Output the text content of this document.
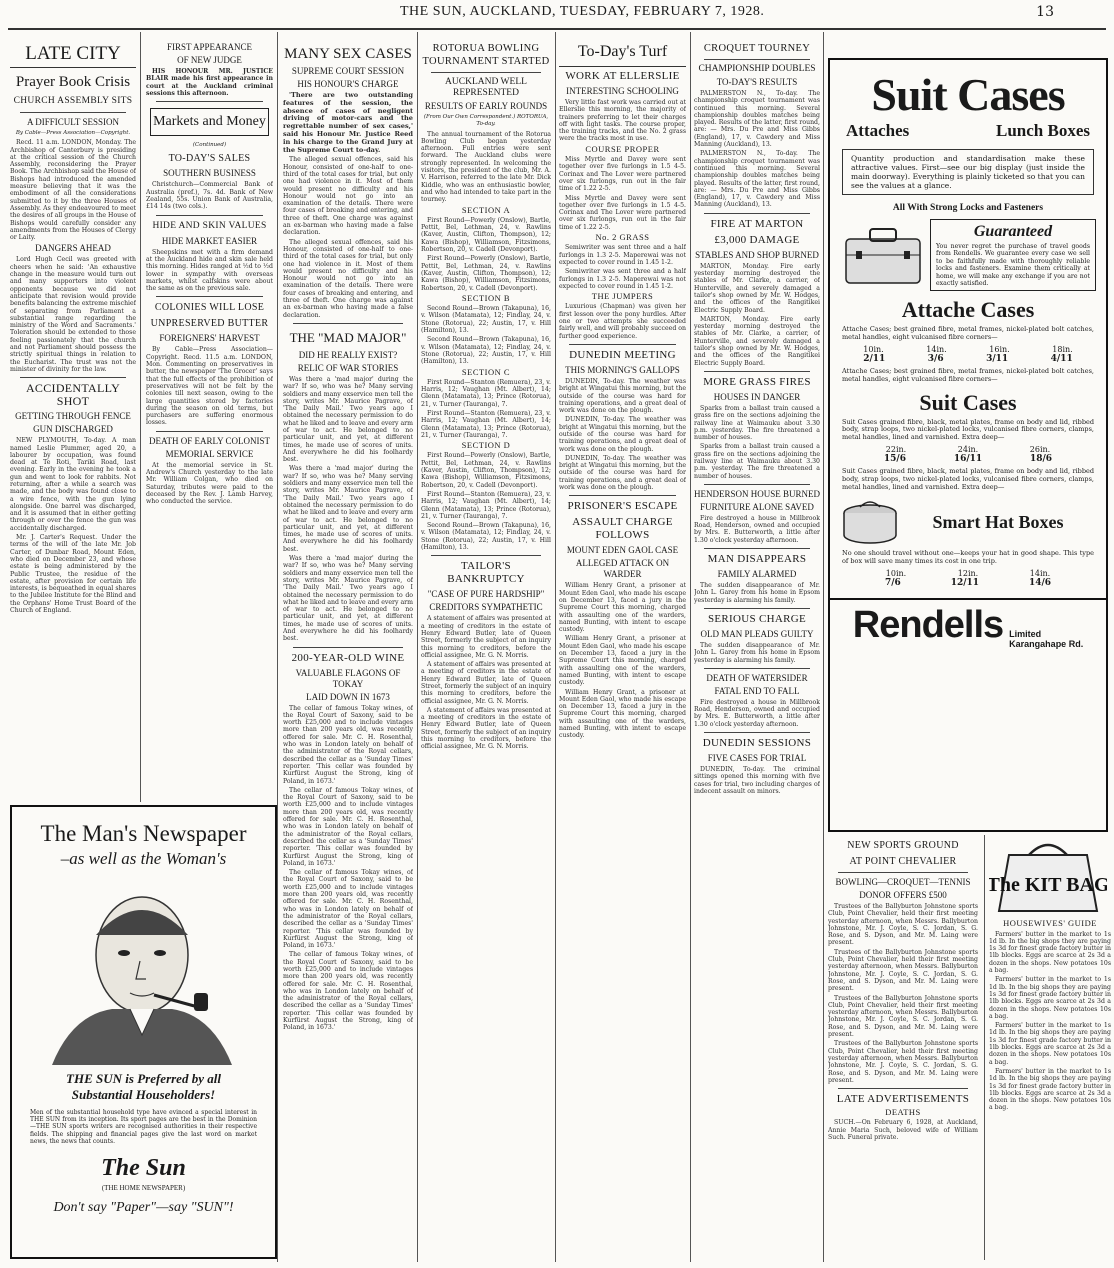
THE SUN, AUCKLAND, TUESDAY, FEBRUARY 7, 1928.	13
LATE CITY
Prayer Book Crisis
CHURCH ASSEMBLY SITS
A DIFFICULT SESSION
By Cable—Press Association—Copyright.

Recd. 11 a.m. LONDON, Monday. The Archbishop of Canterbury is presiding at the critical session of the Church Assembly, reconsidering the Prayer Book. The Archbishop said the House of Bishops had introduced the amended measure believing that it was the embodiment of all the considerations submitted to it by the three Houses of Assembly. As they endeavoured to meet the desires of all groups in the House of Bishops would carefully consider any amendments from the Houses of Clergy or Laity.

DANGERS AHEAD

Lord Hugh Cecil was greeted with cheers when he said: 'An exhaustive change in the measure would turn out and many supporters into violent opponents because we did not anticipate that revision would provide benefits balancing the extreme mischief of separating from Parliament a substantial range regarding the ministry of the Word and Sacraments.' Toleration should be extended to those feeling passionately that the church and not Parliament should possess the strictly spiritual things in relation to the Eucharist. The trust was not the minister of divinity for the law.

ACCIDENTALLY SHOT
GETTING THROUGH FENCE
GUN DISCHARGED

NEW PLYMOUTH, To-day. A man named Leslie Plummer, aged 20, a labourer by occupation, was found dead at Te Roti, Tariki Road, last evening. Early in the evening he took a gun and went to look for rabbits. Not returning, after a while a search was made, and the body was found close to a wire fence, with the gun lying alongside. One barrel was discharged, and it is assumed that in either getting through or over the fence the gun was accidentally discharged.

Mr. J. Carter's Request. Under the terms of the will of the late Mr. Job Carter, of Dunbar Road, Mount Eden, who died on December 23, and whose estate is being administered by the Public Trustee, the residue of the estate, after provision for certain life interests, is bequeathed in equal shares to the Jubilee Institute for the Blind and the Orphans' Home Trust Board of the Church of England.

FIRST APPEARANCE
OF NEW JUDGE

HIS HONOUR MR. JUSTICE BLAIR made his first appearance in court at the Auckland criminal sessions this afternoon.

Markets and Money
(Continued)
TO-DAY'S SALES
SOUTHERN BUSINESS

Christchurch—Commercial Bank of Australia (pref.), 7s. 4d. Bank of New Zealand, 55s. Union Bank of Australia, £14 14s (two cols.).

HIDE AND SKIN VALUES
HIDE MARKET EASIER

Sheepskins met with a firm demand at the Auckland hide and skin sale held this morning. Hides ranged at ½d to ½d lower in sympathy with overseas markets, whilst calfskins were about the same as on the previous sale.

COLONIES WILL LOSE
UNPRESERVED BUTTER
FOREIGNERS' HARVEST

By Cable—Press Association—Copyright. Recd. 11.5 a.m. LONDON, Mon. Commenting on preservatives in butter, the newspaper 'The Grocer' says that the full effects of the prohibition of preservatives will not be felt by the colonies till next season, owing to the large quantities stored by factories during the season on old terms, but purchasers are suffering enormous losses.

DEATH OF EARLY COLONIST
MEMORIAL SERVICE

At the memorial service in St. Andrew's Church yesterday to the late Mr. William Colgan, who died on Saturday, tributes were paid to the deceased by the Rev. J. Lamb Harvey, who conducted the service.

The Man's Newspaper
–as well as the Woman's
THE SUN is Preferred by all
Substantial Householders!

Men of the substantial household type have evinced a special interest in THE SUN from its inception. Its sport pages are the best in the Dominion—THE SUN sports writers are recognised authorities in their respective fields. The shipping and financial pages give the last word on market news, the news that counts.

The Sun
(THE HOME NEWSPAPER)
Don't say "Paper"—say "SUN"!
MANY SEX CASES
SUPREME COURT SESSION
HIS HONOUR'S CHARGE

'There are two outstanding features of the session, the absence of cases of negligent driving of motor-cars and the regrettable number of sex cases,' said his Honour Mr. Justice Reed in his charge to the Grand Jury at the Supreme Court to-day.

The alleged sexual offences, said his Honour, consisted of one-half to one-third of the total cases for trial, but only one had violence in it. Most of them would present no difficulty and his Honour would not go into an examination of the details. There were four cases of breaking and entering, and three of theft. One charge was against an ex-barman who having made a false declaration.

The alleged sexual offences, said his Honour, consisted of one-half to one-third of the total cases for trial, but only one had violence in it. Most of them would present no difficulty and his Honour would not go into an examination of the details. There were four cases of breaking and entering, and three of theft. One charge was against an ex-barman who having made a false declaration.

THE "MAD MAJOR"
DID HE REALLY EXIST?
RELIC OF WAR STORIES

Was there a 'mad major' during the war? If so, who was he? Many serving soldiers and many exservice men tell the story, writes Mr. Maurice Pagrave, of 'The Daily Mail.' Two years ago I obtained the necessary permission to do what he liked and to leave and every arm of war to act. He belonged to no particular unit, and yet, at different times, he made use of scores of units. And everywhere he did his foolhardy best.

Was there a 'mad major' during the war? If so, who was he? Many serving soldiers and many exservice men tell the story, writes Mr. Maurice Pagrave, of 'The Daily Mail.' Two years ago I obtained the necessary permission to do what he liked and to leave and every arm of war to act. He belonged to no particular unit, and yet, at different times, he made use of scores of units. And everywhere he did his foolhardy best.

Was there a 'mad major' during the war? If so, who was he? Many serving soldiers and many exservice men tell the story, writes Mr. Maurice Pagrave, of 'The Daily Mail.' Two years ago I obtained the necessary permission to do what he liked and to leave and every arm of war to act. He belonged to no particular unit, and yet, at different times, he made use of scores of units. And everywhere he did his foolhardy best.

200-YEAR-OLD WINE
VALUABLE FLAGONS OF TOKAY
LAID DOWN IN 1673

The cellar of famous Tokay wines, of the Royal Court of Saxony, said to be worth £25,000 and to include vintages more than 200 years old, was recently offered for sale. Mr. C. H. Rosenthal, who was in London lately on behalf of the administrator of the Royal cellars, described the cellar as a 'Sunday Times' reporter. 'This cellar was founded by Kurfürst August the Strong, king of Poland, in 1673.'

The cellar of famous Tokay wines, of the Royal Court of Saxony, said to be worth £25,000 and to include vintages more than 200 years old, was recently offered for sale. Mr. C. H. Rosenthal, who was in London lately on behalf of the administrator of the Royal cellars, described the cellar as a 'Sunday Times' reporter. 'This cellar was founded by Kurfürst August the Strong, king of Poland, in 1673.'

The cellar of famous Tokay wines, of the Royal Court of Saxony, said to be worth £25,000 and to include vintages more than 200 years old, was recently offered for sale. Mr. C. H. Rosenthal, who was in London lately on behalf of the administrator of the Royal cellars, described the cellar as a 'Sunday Times' reporter. 'This cellar was founded by Kurfürst August the Strong, king of Poland, in 1673.'

The cellar of famous Tokay wines, of the Royal Court of Saxony, said to be worth £25,000 and to include vintages more than 200 years old, was recently offered for sale. Mr. C. H. Rosenthal, who was in London lately on behalf of the administrator of the Royal cellars, described the cellar as a 'Sunday Times' reporter. 'This cellar was founded by Kurfürst August the Strong, king of Poland, in 1673.'

ROTORUA BOWLING TOURNAMENT STARTED
AUCKLAND WELL REPRESENTED
RESULTS OF EARLY ROUNDS
(From Our Own Correspondent.) ROTORUA, To-day.

The annual tournament of the Rotorua Bowling Club began yesterday afternoon. Full entries were sent forward. The Auckland clubs were strongly represented. In welcoming the visitors, the president of the club, Mr. A. V. Harrison, referred to the late Mr. Dick Kiddle, who was an enthusiastic bowler, and who had intended to take part in the tourney.

SECTION A

First Round—Powerly (Onslow), Bartle, Pettit, Bel, Lethman, 24, v. Rawlins (Kaver, Austin, Clifton, Thompson), 12; Kawa (Bishop), Williamson, Fitzsimons, Robertson, 20, v. Cadell (Devonport).

First Round—Powerly (Onslow), Bartle, Pettit, Bel, Lethman, 24, v. Rawlins (Kaver, Austin, Clifton, Thompson), 12; Kawa (Bishop), Williamson, Fitzsimons, Robertson, 20, v. Cadell (Devonport).

SECTION B

Second Round—Brown (Takapuna), 16, v. Wilson (Matamata), 12; Findlay, 24, v. Stone (Rotorua), 22; Austin, 17, v. Hill (Hamilton), 13.

Second Round—Brown (Takapuna), 16, v. Wilson (Matamata), 12; Findlay, 24, v. Stone (Rotorua), 22; Austin, 17, v. Hill (Hamilton), 13.

SECTION C

First Round—Stanton (Remuera), 23, v. Harris, 12; Vaughan (Mt. Albert), 14; Glenn (Matamata), 13; Prince (Rotorua), 21, v. Turner (Tauranga), 7.

First Round—Stanton (Remuera), 23, v. Harris, 12; Vaughan (Mt. Albert), 14; Glenn (Matamata), 13; Prince (Rotorua), 21, v. Turner (Tauranga), 7.

SECTION D

First Round—Powerly (Onslow), Bartle, Pettit, Bel, Lethman, 24, v. Rawlins (Kaver, Austin, Clifton, Thompson), 12; Kawa (Bishop), Williamson, Fitzsimons, Robertson, 20, v. Cadell (Devonport).

First Round—Stanton (Remuera), 23, v. Harris, 12; Vaughan (Mt. Albert), 14; Glenn (Matamata), 13; Prince (Rotorua), 21, v. Turner (Tauranga), 7.

Second Round—Brown (Takapuna), 16, v. Wilson (Matamata), 12; Findlay, 24, v. Stone (Rotorua), 22; Austin, 17, v. Hill (Hamilton), 13.

TAILOR'S BANKRUPTCY
"CASE OF PURE HARDSHIP"
CREDITORS SYMPATHETIC

A statement of affairs was presented at a meeting of creditors in the estate of Henry Edward Butler, late of Queen Street, formerly the subject of an inquiry this morning to creditors, before the official assignee, Mr. G. N. Morris.

A statement of affairs was presented at a meeting of creditors in the estate of Henry Edward Butler, late of Queen Street, formerly the subject of an inquiry this morning to creditors, before the official assignee, Mr. G. N. Morris.

A statement of affairs was presented at a meeting of creditors in the estate of Henry Edward Butler, late of Queen Street, formerly the subject of an inquiry this morning to creditors, before the official assignee, Mr. G. N. Morris.

To-Day's Turf
WORK AT ELLERSLIE
INTERESTING SCHOOLING

Very little fast work was carried out at Ellerslie this morning, the majority of trainers preferring to let their charges off with light tasks. The course proper, the training tracks, and the No. 2 grass were the tracks most in use.

COURSE PROPER

Miss Myrtle and Davey were sent together over five furlongs in 1.5 4-5. Corinax and The Lover were partnered over six furlongs, run out in the fair time of 1.22 2-5.

Miss Myrtle and Davey were sent together over five furlongs in 1.5 4-5. Corinax and The Lover were partnered over six furlongs, run out in the fair time of 1.22 2-5.

No. 2 GRASS

Semiwriter was sent three and a half furlongs in 1.3 2-5. Maperewai was not expected to cover round in 1.45 1-2.

Semiwriter was sent three and a half furlongs in 1.3 2-5. Maperewai was not expected to cover round in 1.45 1-2.

THE JUMPERS

Luxurious (Chapman) was given her first lesson over the pony hurdles. After one or two attempts she succeeded fairly well, and will probably succeed on further good experience.

DUNEDIN MEETING
THIS MORNING'S GALLOPS

DUNEDIN, To-day. The weather was bright at Wingatui this morning, but the outside of the course was hard for training operations, and a great deal of work was done on the plough.

DUNEDIN, To-day. The weather was bright at Wingatui this morning, but the outside of the course was hard for training operations, and a great deal of work was done on the plough.

DUNEDIN, To-day. The weather was bright at Wingatui this morning, but the outside of the course was hard for training operations, and a great deal of work was done on the plough.

PRISONER'S ESCAPE
ASSAULT CHARGE FOLLOWS
MOUNT EDEN GAOL CASE
ALLEGED ATTACK ON WARDER

William Henry Grant, a prisoner at Mount Eden Gaol, who made his escape on December 13, faced a jury in the Supreme Court this morning, charged with assaulting one of the warders, named Bunting, with intent to escape custody.

William Henry Grant, a prisoner at Mount Eden Gaol, who made his escape on December 13, faced a jury in the Supreme Court this morning, charged with assaulting one of the warders, named Bunting, with intent to escape custody.

William Henry Grant, a prisoner at Mount Eden Gaol, who made his escape on December 13, faced a jury in the Supreme Court this morning, charged with assaulting one of the warders, named Bunting, with intent to escape custody.

CROQUET TOURNEY
CHAMPIONSHIP DOUBLES
TO-DAY'S RESULTS

PALMERSTON N., To-day. The championship croquet tournament was continued this morning. Several championship doubles matches being played. Results of the latter, first round, are: — Mrs. Du Pre and Miss Gibbs (England), 17, v. Cawdery and Miss Manning (Auckland), 13.

PALMERSTON N., To-day. The championship croquet tournament was continued this morning. Several championship doubles matches being played. Results of the latter, first round, are: — Mrs. Du Pre and Miss Gibbs (England), 17, v. Cawdery and Miss Manning (Auckland), 13.

FIRE AT MARTON
£3,000 DAMAGE
STABLES AND SHOP BURNED

MARTON, Monday. Fire early yesterday morning destroyed the stables of Mr. Clarke, a carrier, of Hunterville, and severely damaged a tailor's shop owned by Mr. W. Hodges, and the offices of the Rangitikei Electric Supply Board.

MARTON, Monday. Fire early yesterday morning destroyed the stables of Mr. Clarke, a carrier, of Hunterville, and severely damaged a tailor's shop owned by Mr. W. Hodges, and the offices of the Rangitikei Electric Supply Board.

MORE GRASS FIRES
HOUSES IN DANGER

Sparks from a ballast train caused a grass fire on the sections adjoining the railway line at Waimauku about 3.30 p.m. yesterday. The fire threatened a number of houses.

Sparks from a ballast train caused a grass fire on the sections adjoining the railway line at Waimauku about 3.30 p.m. yesterday. The fire threatened a number of houses.

HENDERSON HOUSE BURNED
FURNITURE ALONE SAVED

Fire destroyed a house in Millbrook Road, Henderson, owned and occupied by Mrs. E. Butterworth, a little after 1.30 o'clock yesterday afternoon.

MAN DISAPPEARS
FAMILY ALARMED

The sudden disappearance of Mr. John L. Garey from his home in Epsom yesterday is alarming his family.

SERIOUS CHARGE
OLD MAN PLEADS GUILTY

The sudden disappearance of Mr. John L. Garey from his home in Epsom yesterday is alarming his family.

DEATH OF WATERSIDER
FATAL END TO FALL

Fire destroyed a house in Millbrook Road, Henderson, owned and occupied by Mrs. E. Butterworth, a little after 1.30 o'clock yesterday afternoon.

DUNEDIN SESSIONS
FIVE CASES FOR TRIAL

DUNEDIN, To-day. The criminal sittings opened this morning with five cases for trial, two including charges of indecent assault on minors.

Suit Cases
Attaches	Lunch Boxes

Quantity production and standardisation make these attractive values. First—see our big display (just inside the main doorway). Everything is plainly ticketed so that you can see the values at a glance.

All With Strong Locks and Fasteners
Guaranteed

You never regret the purchase of travel goods from Rendells. We guarantee every case we sell to be faithfully made with thoroughly reliable locks and fasteners. Examine them critically at home, we will make any exchange if you are not exactly satisfied.

Attache Cases

Attache Cases; best grained fibre, metal frames, nickel-plated bolt catches, metal handles, eight vulcanised fibre corners—

10in.	14in.	16in.	18in.
2/11	3/6	3/11	4/11

Attache Cases; best grained fibre, metal frames, nickel-plated bolt catches, metal handles, eight vulcanised fibre corners—

Suit Cases

Suit Cases grained fibre, black, metal plates, frame on body and lid, ribbed body, strap loops, two nickel-plated locks, vulcanised fibre corners, clamps, metal handles, lined and varnished. Extra deep—

22in.	24in.	26in.
15/6	16/11	18/6

Suit Cases grained fibre, black, metal plates, frame on body and lid, ribbed body, strap loops, two nickel-plated locks, vulcanised fibre corners, clamps, metal handles, lined and varnished. Extra deep—

Smart Hat Boxes

No one should travel without one—keeps your hat in good shape. This type of box will save many times its cost in one trip.

10in.	12in.	14in.
7/6	12/11	14/6
Rendells Limited
Karangahape Rd.
NEW SPORTS GROUND
AT POINT CHEVALIER
BOWLING—CROQUET—TENNIS
DONOR OFFERS £500

Trustees of the Ballyburton Johnstone sports Club, Point Chevalier, held their first meeting yesterday afternoon, when Messrs. Ballyburton Johnstone, Mr. J. Coyle, S. C. Jordan, S. G. Rose, and S. Dyson, and Mr. M. Laing were present.

Trustees of the Ballyburton Johnstone sports Club, Point Chevalier, held their first meeting yesterday afternoon, when Messrs. Ballyburton Johnstone, Mr. J. Coyle, S. C. Jordan, S. G. Rose, and S. Dyson, and Mr. M. Laing were present.

Trustees of the Ballyburton Johnstone sports Club, Point Chevalier, held their first meeting yesterday afternoon, when Messrs. Ballyburton Johnstone, Mr. J. Coyle, S. C. Jordan, S. G. Rose, and S. Dyson, and Mr. M. Laing were present.

Trustees of the Ballyburton Johnstone sports Club, Point Chevalier, held their first meeting yesterday afternoon, when Messrs. Ballyburton Johnstone, Mr. J. Coyle, S. C. Jordan, S. G. Rose, and S. Dyson, and Mr. M. Laing were present.

LATE ADVERTISEMENTS
DEATHS

SUCH.—On February 6, 1928, at Auckland, Annie Maria Such, beloved wife of William Such. Funeral private.

The KIT BAG
HOUSEWIVES' GUIDE

Farmers' butter in the market to 1s 1d lb. In the big shops they are paying 1s 3d for finest grade factory butter in 1lb blocks. Eggs are scarce at 2s 3d a dozen in the shops. New potatoes 10s a bag.

Farmers' butter in the market to 1s 1d lb. In the big shops they are paying 1s 3d for finest grade factory butter in 1lb blocks. Eggs are scarce at 2s 3d a dozen in the shops. New potatoes 10s a bag.

Farmers' butter in the market to 1s 1d lb. In the big shops they are paying 1s 3d for finest grade factory butter in 1lb blocks. Eggs are scarce at 2s 3d a dozen in the shops. New potatoes 10s a bag.

Farmers' butter in the market to 1s 1d lb. In the big shops they are paying 1s 3d for finest grade factory butter in 1lb blocks. Eggs are scarce at 2s 3d a dozen in the shops. New potatoes 10s a bag.
